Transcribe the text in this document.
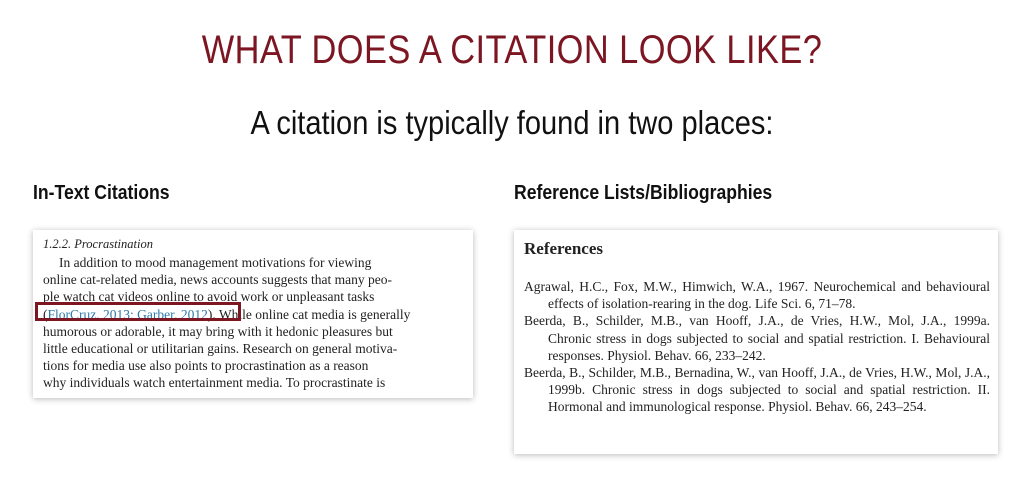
WHAT DOES A CITATION LOOK LIKE?
A citation is typically found in two places:
In-Text Citations	Reference Lists/Bibliographies
1.2.2. Procrastination
In addition to mood management motivations for viewing
online cat-related media, news accounts suggests that many peo-
ple watch cat videos online to avoid work or unpleasant tasks
(FlorCruz, 2013; Garber, 2012). While online cat media is generally
humorous or adorable, it may bring with it hedonic pleasures but
little educational or utilitarian gains. Research on general motiva-
tions for media use also points to procrastination as a reason
why individuals watch entertainment media. To procrastinate is
References
Agrawal, H.C., Fox, M.W., Himwich, W.A., 1967. Neurochemical and behavioural effects of isolation-rearing in the dog. Life Sci. 6, 71–78.
Beerda, B., Schilder, M.B., van Hooff, J.A., de Vries, H.W., Mol, J.A., 1999a. Chronic stress in dogs subjected to social and spatial restriction. I. Behavioural responses. Physiol. Behav. 66, 233–242.
Beerda, B., Schilder, M.B., Bernadina, W., van Hooff, J.A., de Vries, H.W., Mol, J.A., 1999b. Chronic stress in dogs subjected to social and spatial restriction. II. Hormonal and immunological response. Physiol. Behav. 66, 243–254.
